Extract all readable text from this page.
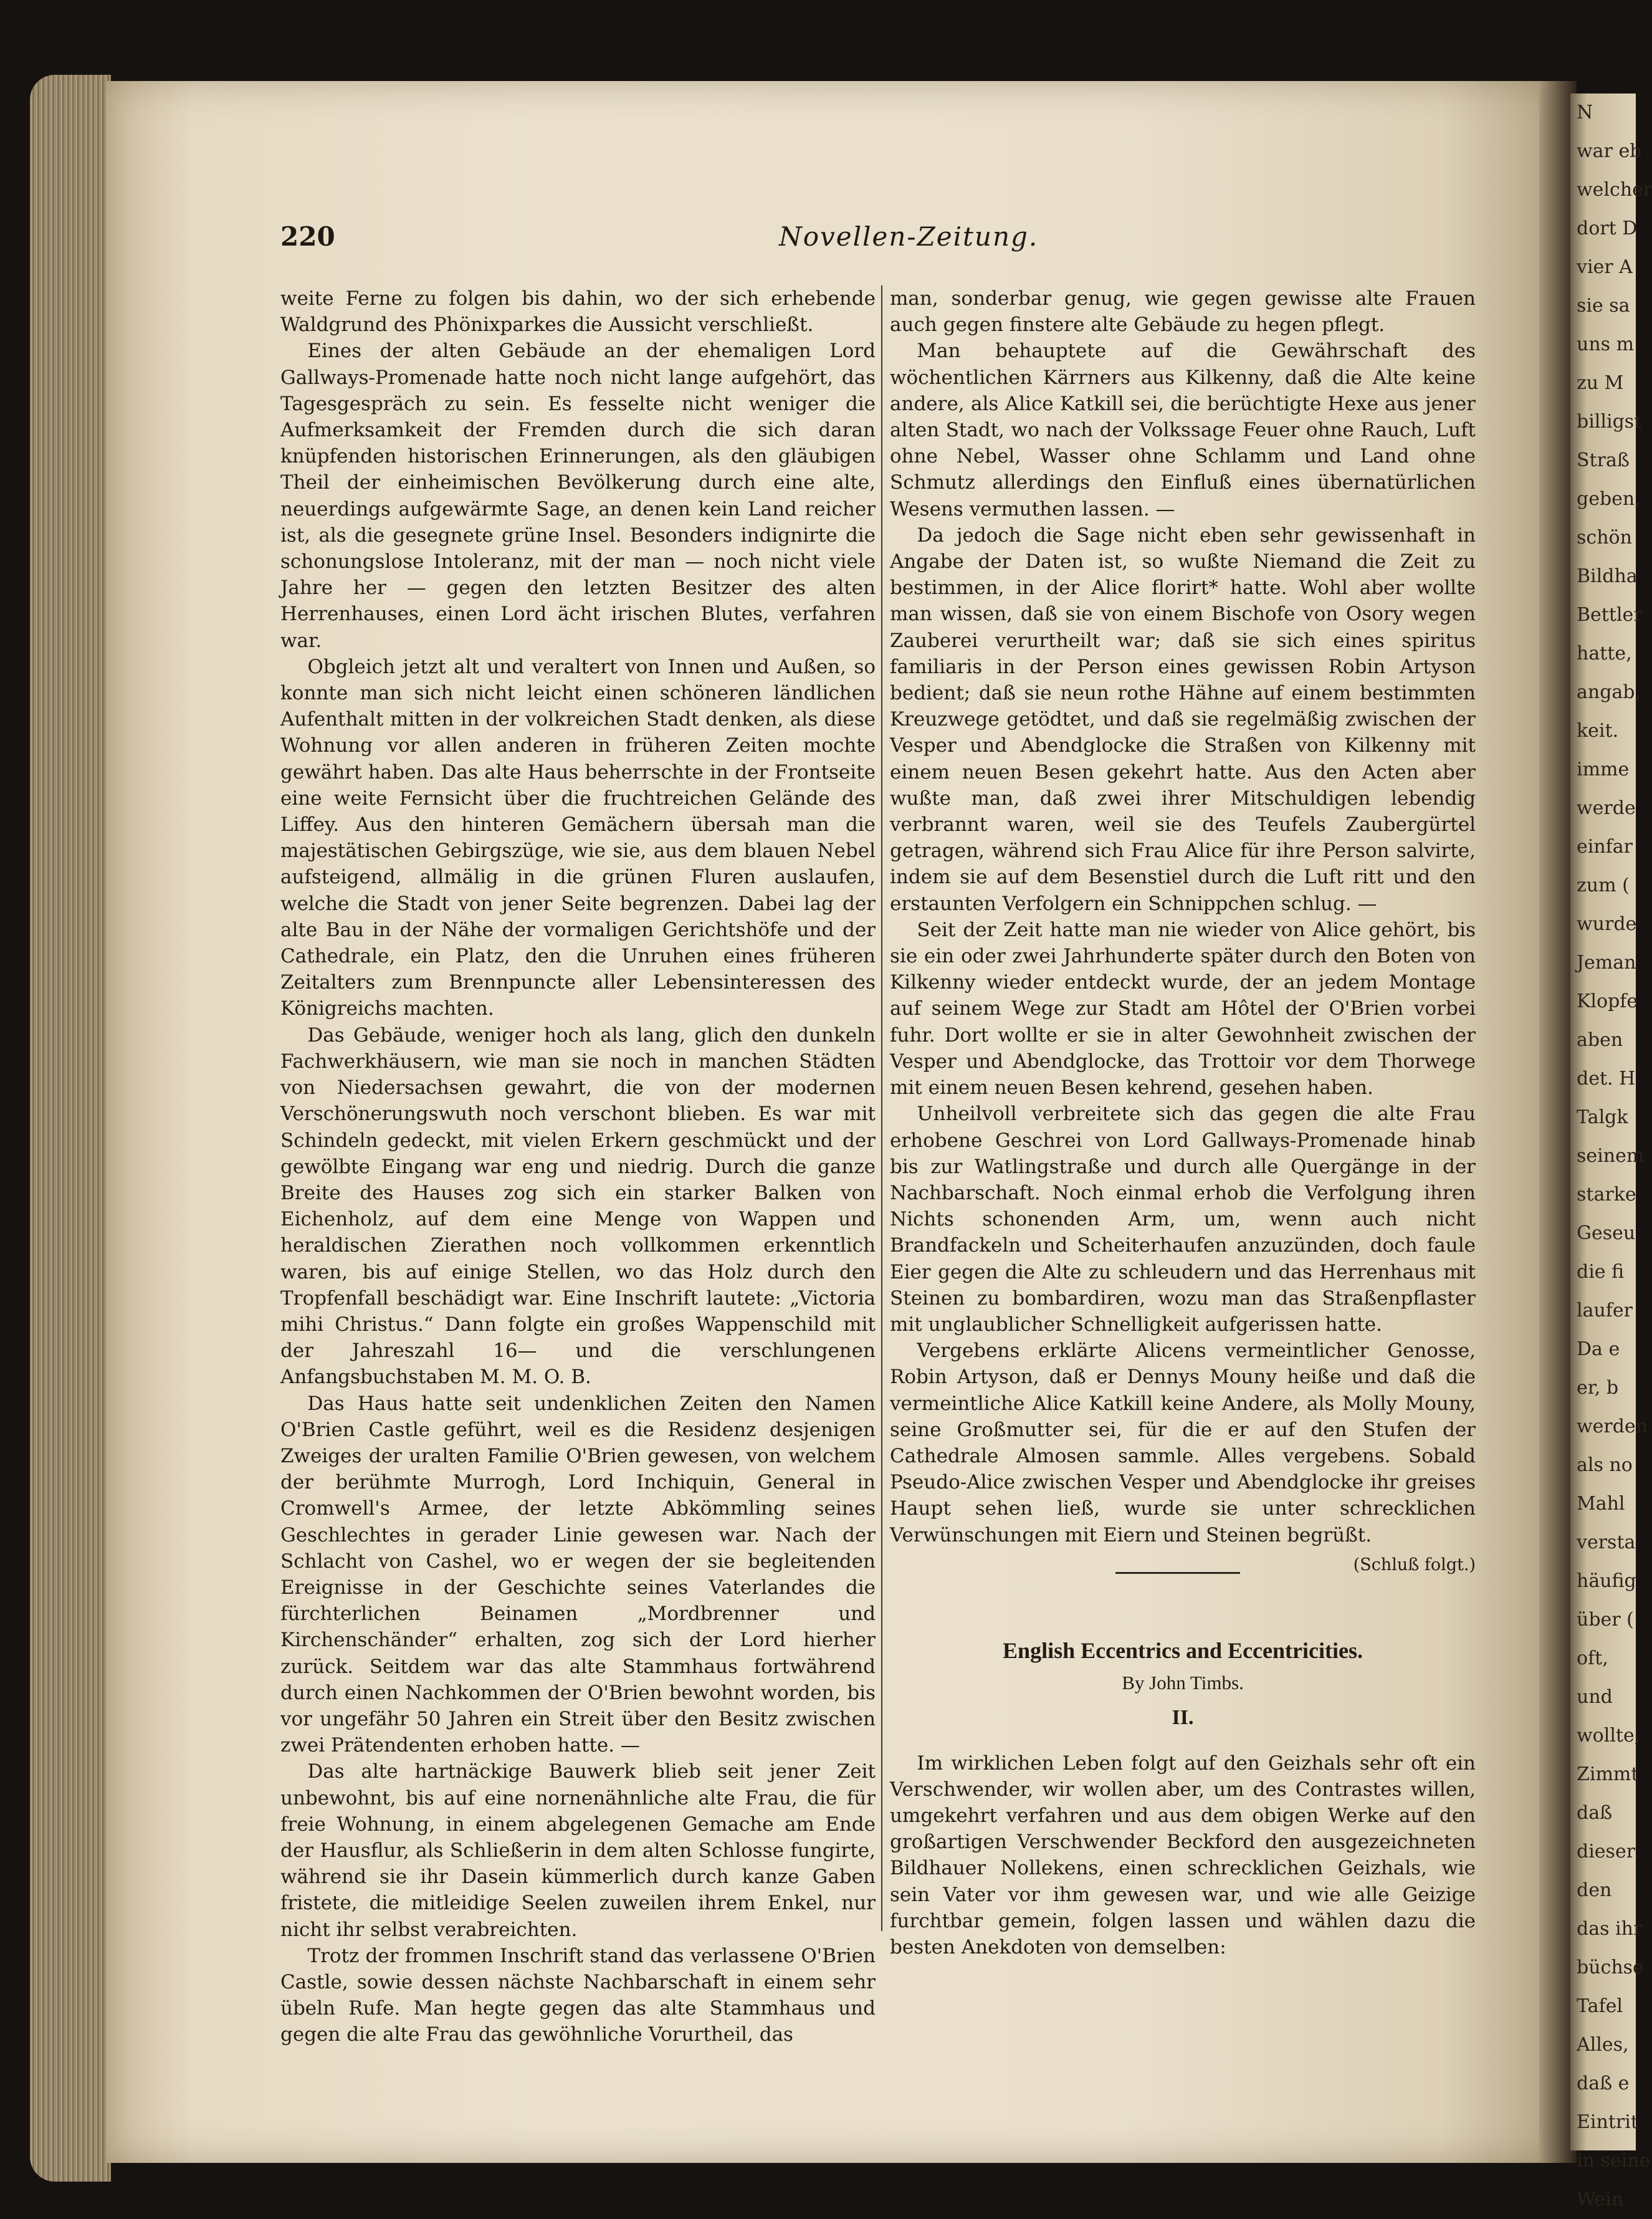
N
war eb
welcher
dort D
vier A
sie sa
uns m
zu M
billigst
Straß
geben,
schön
Bildha
Bettler
hatte,
angab,
keit.
imme
werde
einfar
zum (
wurde
Jeman
Klopfe
aben
det. H
Talgk
seinem
starke
Geseu
die fi
laufer
Da e
er, b
werden
als no
Mahl
versta
häufig
über (
oft,
und
wollte,
Zimmt
daß
dieser
den
das ihr
büchse
Tafel
Alles,
daß e
Eintrit
in seine
Wein
220	Novellen-Zeitung.

weite Ferne zu folgen bis dahin, wo der sich erhebende Waldgrund des Phönixparkes die Aussicht verschließt.

Eines der alten Gebäude an der ehemaligen Lord Gallways-Promenade hatte noch nicht lange aufgehört, das Tagesgespräch zu sein. Es fesselte nicht weniger die Aufmerksamkeit der Fremden durch die sich daran knüpfenden historischen Erinnerungen, als den gläubigen Theil der einheimischen Bevölkerung durch eine alte, neuerdings aufgewärmte Sage, an denen kein Land reicher ist, als die gesegnete grüne Insel. Besonders indignirte die schonungslose Intoleranz, mit der man — noch nicht viele Jahre her — gegen den letzten Besitzer des alten Herrenhauses, einen Lord ächt irischen Blutes, verfahren war.

Obgleich jetzt alt und veraltert von Innen und Außen, so konnte man sich nicht leicht einen schöneren ländlichen Aufenthalt mitten in der volkreichen Stadt denken, als diese Wohnung vor allen anderen in früheren Zeiten mochte gewährt haben. Das alte Haus beherrschte in der Frontseite eine weite Fernsicht über die fruchtreichen Gelände des Liffey. Aus den hinteren Gemächern übersah man die majestätischen Gebirgszüge, wie sie, aus dem blauen Nebel aufsteigend, allmälig in die grünen Fluren auslaufen, welche die Stadt von jener Seite begrenzen. Dabei lag der alte Bau in der Nähe der vormaligen Gerichtshöfe und der Cathedrale, ein Platz, den die Unruhen eines früheren Zeitalters zum Brennpuncte aller Lebensinteressen des Königreichs machten.

Das Gebäude, weniger hoch als lang, glich den dunkeln Fachwerkhäusern, wie man sie noch in manchen Städten von Niedersachsen gewahrt, die von der modernen Verschönerungswuth noch verschont blieben. Es war mit Schindeln gedeckt, mit vielen Erkern geschmückt und der gewölbte Eingang war eng und niedrig. Durch die ganze Breite des Hauses zog sich ein starker Balken von Eichenholz, auf dem eine Menge von Wappen und heraldischen Zierathen noch vollkommen erkenntlich waren, bis auf einige Stellen, wo das Holz durch den Tropfenfall beschädigt war. Eine Inschrift lautete: „Victoria mihi Christus.“ Dann folgte ein großes Wappenschild mit der Jahreszahl 16— und die verschlungenen Anfangsbuchstaben M. M. O. B.

Das Haus hatte seit undenklichen Zeiten den Namen O'Brien Castle geführt, weil es die Residenz desjenigen Zweiges der uralten Familie O'Brien gewesen, von welchem der berühmte Murrogh, Lord Inchiquin, General in Cromwell's Armee, der letzte Abkömmling seines Geschlechtes in gerader Linie gewesen war. Nach der Schlacht von Cashel, wo er wegen der sie begleitenden Ereignisse in der Geschichte seines Vaterlandes die fürchterlichen Beinamen „Mordbrenner und Kirchenschänder“ erhalten, zog sich der Lord hierher zurück. Seitdem war das alte Stammhaus fortwährend durch einen Nachkommen der O'Brien bewohnt worden, bis vor ungefähr 50 Jahren ein Streit über den Besitz zwischen zwei Prätendenten erhoben hatte. —

Das alte hartnäckige Bauwerk blieb seit jener Zeit unbewohnt, bis auf eine nornenähnliche alte Frau, die für freie Wohnung, in einem abgelegenen Gemache am Ende der Hausflur, als Schließerin in dem alten Schlosse fungirte, während sie ihr Dasein kümmerlich durch kanze Gaben fristete, die mitleidige Seelen zuweilen ihrem Enkel, nur nicht ihr selbst verabreichten.

Trotz der frommen Inschrift stand das verlassene O'Brien Castle, sowie dessen nächste Nachbarschaft in einem sehr übeln Rufe. Man hegte gegen das alte Stammhaus und gegen die alte Frau das gewöhnliche Vorurtheil, das

man, sonderbar genug, wie gegen gewisse alte Frauen auch gegen finstere alte Gebäude zu hegen pflegt.

Man behauptete auf die Gewährschaft des wöchentlichen Kärrners aus Kilkenny, daß die Alte keine andere, als Alice Katkill sei, die berüchtigte Hexe aus jener alten Stadt, wo nach der Volkssage Feuer ohne Rauch, Luft ohne Nebel, Wasser ohne Schlamm und Land ohne Schmutz allerdings den Einfluß eines übernatürlichen Wesens vermuthen lassen. —

Da jedoch die Sage nicht eben sehr gewissenhaft in Angabe der Daten ist, so wußte Niemand die Zeit zu bestimmen, in der Alice florirt* hatte. Wohl aber wollte man wissen, daß sie von einem Bischofe von Osory wegen Zauberei verurtheilt war; daß sie sich eines spiritus familiaris in der Person eines gewissen Robin Artyson bedient; daß sie neun rothe Hähne auf einem bestimmten Kreuzwege getödtet, und daß sie regelmäßig zwischen der Vesper und Abendglocke die Straßen von Kilkenny mit einem neuen Besen gekehrt hatte. Aus den Acten aber wußte man, daß zwei ihrer Mitschuldigen lebendig verbrannt waren, weil sie des Teufels Zaubergürtel getragen, während sich Frau Alice für ihre Person salvirte, indem sie auf dem Besenstiel durch die Luft ritt und den erstaunten Verfolgern ein Schnippchen schlug. —

Seit der Zeit hatte man nie wieder von Alice gehört, bis sie ein oder zwei Jahrhunderte später durch den Boten von Kilkenny wieder entdeckt wurde, der an jedem Montage auf seinem Wege zur Stadt am Hôtel der O'Brien vorbei fuhr. Dort wollte er sie in alter Gewohnheit zwischen der Vesper und Abendglocke, das Trottoir vor dem Thorwege mit einem neuen Besen kehrend, gesehen haben.

Unheilvoll verbreitete sich das gegen die alte Frau erhobene Geschrei von Lord Gallways-Promenade hinab bis zur Watlingstraße und durch alle Quergänge in der Nachbarschaft. Noch einmal erhob die Verfolgung ihren Nichts schonenden Arm, um, wenn auch nicht Brandfackeln und Scheiterhaufen anzuzünden, doch faule Eier gegen die Alte zu schleudern und das Herrenhaus mit Steinen zu bombardiren, wozu man das Straßenpflaster mit unglaublicher Schnelligkeit aufgerissen hatte.

Vergebens erklärte Alicens vermeintlicher Genosse, Robin Artyson, daß er Dennys Mouny heiße und daß die vermeintliche Alice Katkill keine Andere, als Molly Mouny, seine Großmutter sei, für die er auf den Stufen der Cathedrale Almosen sammle. Alles vergebens. Sobald Pseudo-Alice zwischen Vesper und Abendglocke ihr greises Haupt sehen ließ, wurde sie unter schrecklichen Verwünschungen mit Eiern und Steinen begrüßt.

(Schluß folgt.)

English Eccentrics and Eccentricities.

By John Timbs.

II.

Im wirklichen Leben folgt auf den Geizhals sehr oft ein Verschwender, wir wollen aber, um des Contrastes willen, umgekehrt verfahren und aus dem obigen Werke auf den großartigen Verschwender Beckford den ausgezeichneten Bildhauer Nollekens, einen schrecklichen Geizhals, wie sein Vater vor ihm gewesen war, und wie alle Geizige furchtbar gemein, folgen lassen und wählen dazu die besten Anekdoten von demselben:
